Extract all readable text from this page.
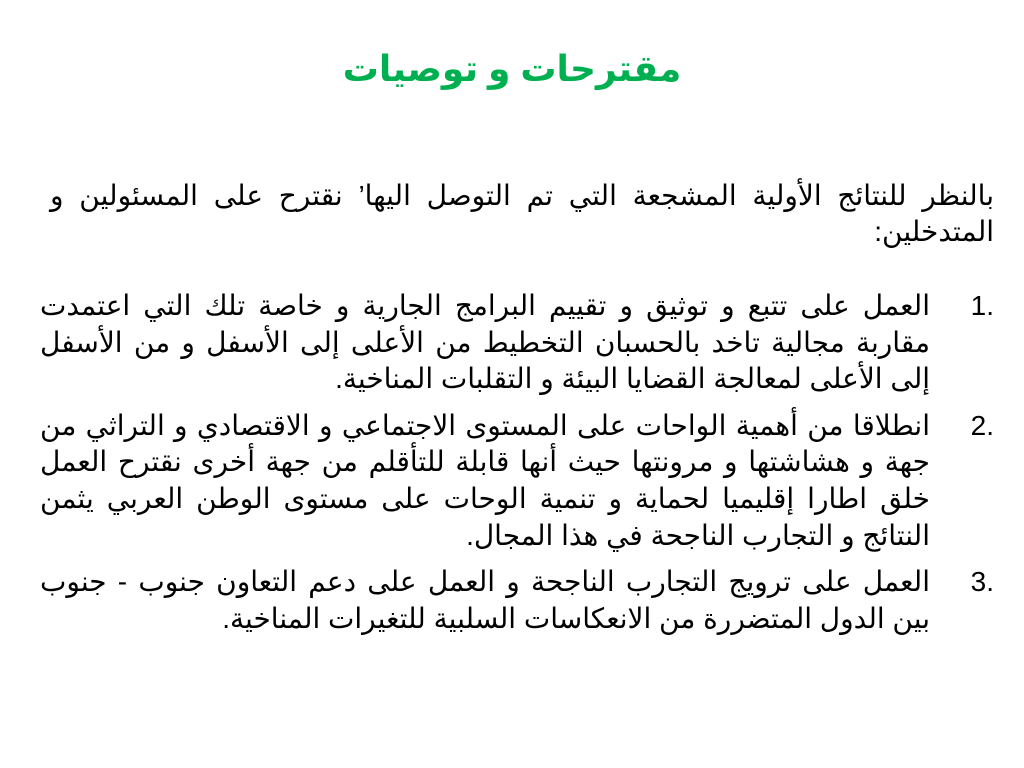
مقترحات و توصيات

بالنظر للنتائج الأولية المشجعة التي تم التوصل اليها’ نقترح على المسئولين و المتدخلين:

1.
العمل على تتبع و توثيق و تقييم البرامج الجارية و خاصة تلك التي اعتمدت مقاربة مجالية تاخد بالحسبان التخطيط من الأعلى إلى الأسفل و من الأسفل إلى الأعلى لمعالجة القضايا البيئة و التقلبات المناخية.
2.
انطلاقا من أهمية الواحات على المستوى الاجتماعي و الاقتصادي و التراثي من جهة و هشاشتها و مرونتها حيث أنها قابلة للتأقلم من جهة أخرى نقترح العمل خلق اطارا إقليميا لحماية و تنمية الوحات على مستوى الوطن العربي يثمن النتائج و التجارب الناجحة في هذا المجال.
3.
العمل على ترويج التجارب الناجحة و العمل على دعم التعاون جنوب - جنوب بين الدول المتضررة من الانعكاسات السلبية للتغيرات المناخية.
